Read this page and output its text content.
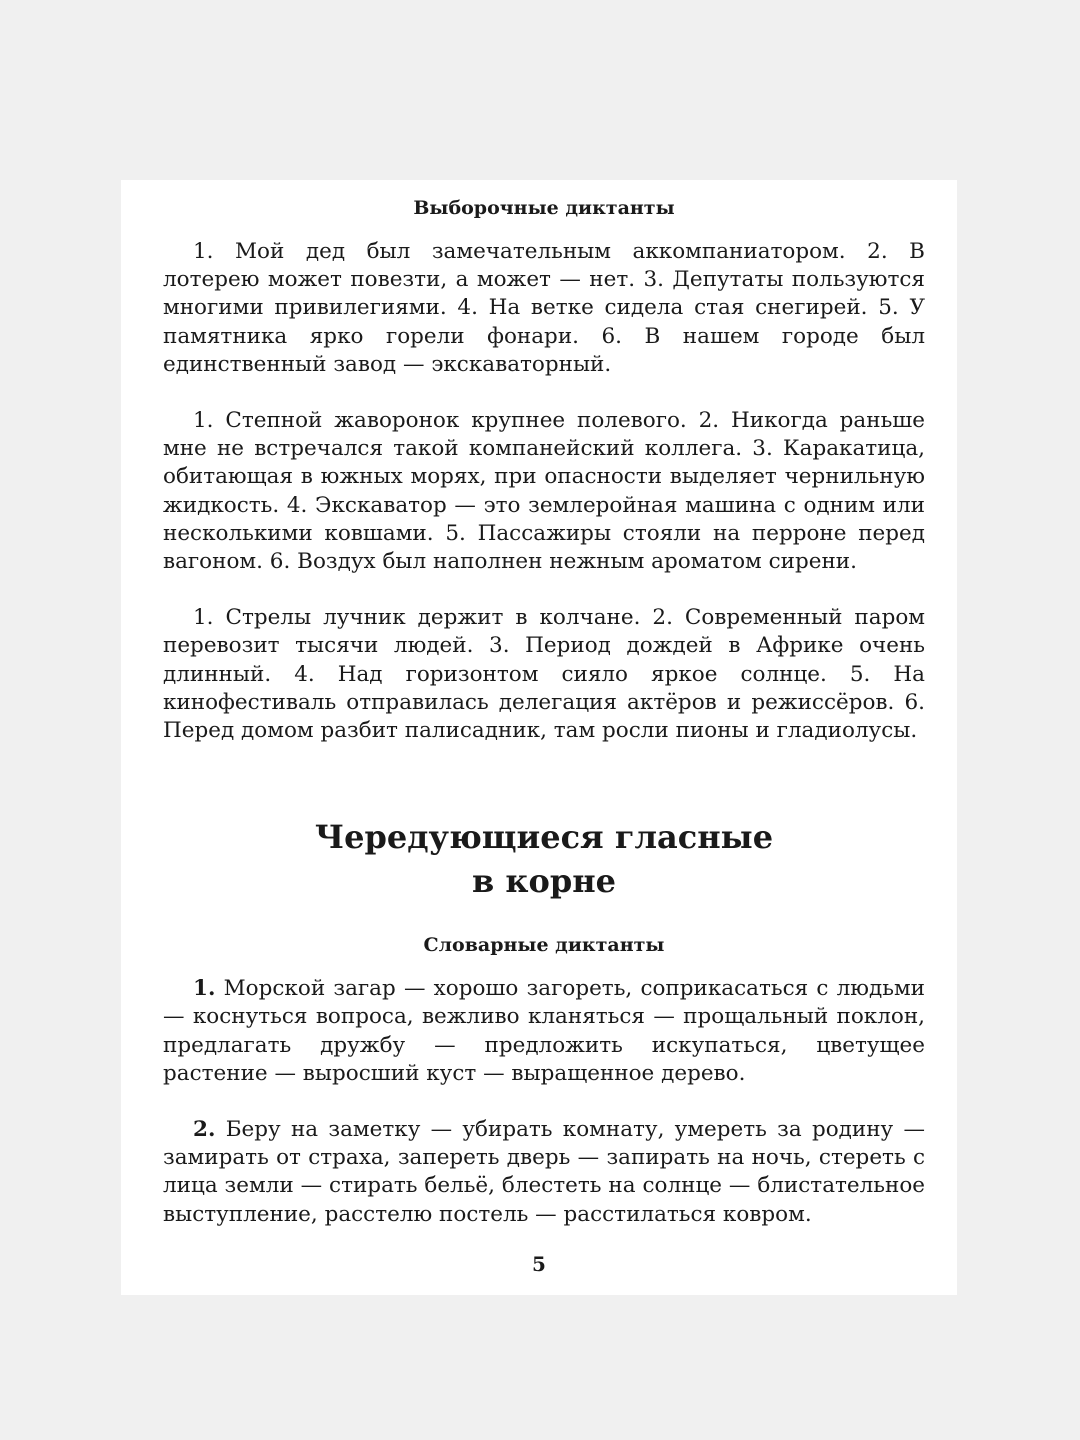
Выборочные диктанты

1. Мой дед был замечательным аккомпаниатором. 2. В лотерею может повезти, а может — нет. 3. Депутаты пользуются многими привилегиями. 4. На ветке сидела стая снегирей. 5. У памятника ярко горели фонари. 6. В нашем городе был единственный завод — экскаваторный.

1. Степной жаворонок крупнее полевого. 2. Никогда раньше мне не встречался такой компанейский коллега. 3. Каракатица, обитающая в южных морях, при опасности выделяет чернильную жидкость. 4. Экскаватор — это землеройная машина с одним или несколькими ковшами. 5. Пассажиры стояли на перроне перед вагоном. 6. Воздух был наполнен нежным ароматом сирени.

1. Стрелы лучник держит в колчане. 2. Современный паром перевозит тысячи людей. 3. Период дождей в Африке очень длинный. 4. Над горизонтом сияло яркое солнце. 5. На кинофестиваль отправилась делегация актёров и режиссёров. 6. Перед домом разбит палисадник, там росли пионы и гладиолусы.

Чередующиеся гласные
в корне
Словарные диктанты

1. Морской загар — хорошо загореть, соприкасаться с людьми — коснуться вопроса, вежливо кланяться — прощальный поклон, предлагать дружбу — предложить искупаться, цветущее растение — выросший куст — выращенное дерево.

2. Беру на заметку — убирать комнату, умереть за родину — замирать от страха, запереть дверь — запирать на ночь, стереть с лица земли — стирать бельё, блестеть на солнце — блистательное выступление, расстелю постель — расстилаться ковром.

5
